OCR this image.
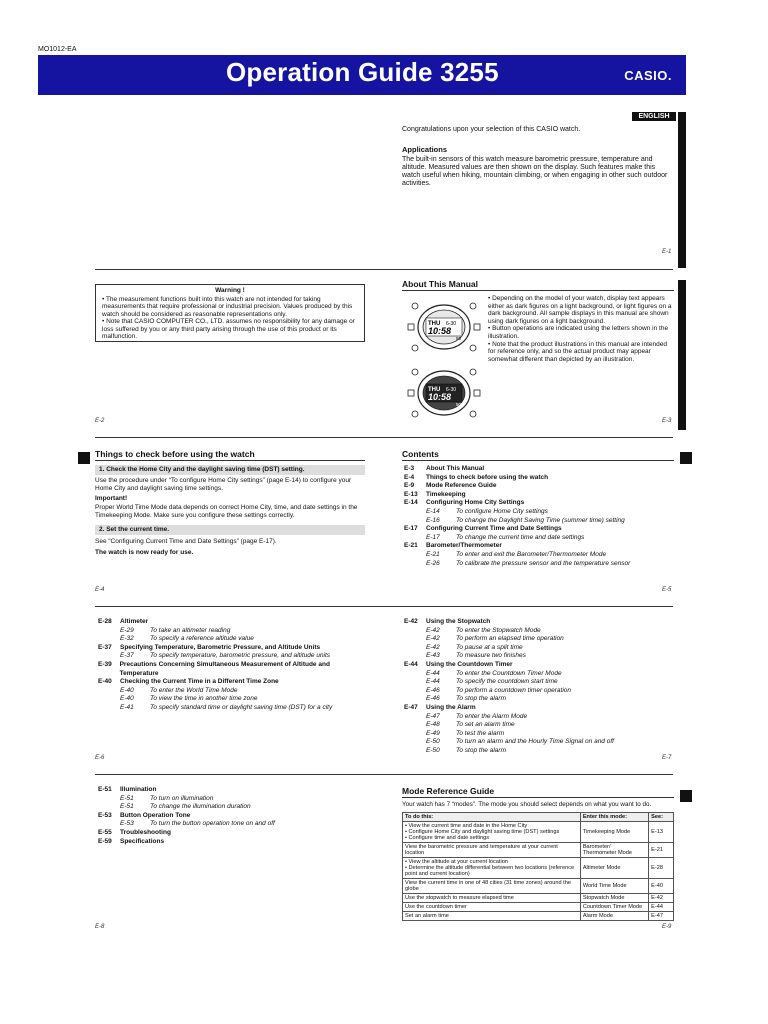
MO1012-EA
Operation Guide 3255	CASIO.
ENGLISH
Congratulations upon your selection of this CASIO watch.
Applications
The built-in sensors of this watch measure barometric pressure, temperature and altitude. Measured values are then shown on the display. Such features make this watch useful when hiking, mountain climbing, or when engaging in other such outdoor activities.
E-1
Warning !
• The measurement functions built into this watch are not intended for taking measurements that require professional or industrial precision. Values produced by this watch should be considered as reasonable representations only.
• Note that CASIO COMPUTER CO., LTD. assumes no responsibility for any damage or loss suffered by you or any third party arising through the use of this product or its malfunction.
E-2
About This Manual
THU 6-30
10:58
50
THU 6-30
10:58
50
• Depending on the model of your watch, display text appears either as dark figures on a light background, or light figures on a dark background. All sample displays in this manual are shown using dark figures on a light background.
• Button operations are indicated using the letters shown in the illustration.
• Note that the product illustrations in this manual are intended for reference only, and so the actual product may appear somewhat different than depicted by an illustration.
E-3
Things to check before using the watch
1. Check the Home City and the daylight saving time (DST) setting.
Use the procedure under “To configure Home City settings” (page E-14) to configure your Home City and daylight saving time settings.
Important!
Proper World Time Mode data depends on correct Home City, time, and date settings in the Timekeeping Mode. Make sure you configure these settings correctly.
2. Set the current time.
See “Configuring Current Time and Date Settings” (page E-17).
The watch is now ready for use.
E-4
Contents
E-3	About This Manual
E-4	Things to check before using the watch
E-9	Mode Reference Guide
E-13	Timekeeping
E-14	Configuring Home City Settings
E-14	To configure Home City settings
E-16	To change the Daylight Saving Time (summer time) setting
E-17	Configuring Current Time and Date Settings
E-17	To change the current time and date settings
E-21	Barometer/Thermometer
E-21	To enter and exit the Barometer/Thermometer Mode
E-26	To calibrate the pressure sensor and the temperature sensor
E-5
E-28	Altimeter
E-29	To take an altimeter reading
E-32	To specify a reference altitude value
E-37	Specifying Temperature, Barometric Pressure, and Altitude Units
E-37	To specify temperature, barometric pressure, and altitude units
E-39	Precautions Concerning Simultaneous Measurement of Altitude and Temperature
E-40	Checking the Current Time in a Different Time Zone
E-40	To enter the World Time Mode
E-40	To view the time in another time zone
E-41	To specify standard time or daylight saving time (DST) for a city
E-6
E-42	Using the Stopwatch
E-42	To enter the Stopwatch Mode
E-42	To perform an elapsed time operation
E-42	To pause at a split time
E-43	To measure two finishes
E-44	Using the Countdown Timer
E-44	To enter the Countdown Timer Mode
E-44	To specify the countdown start time
E-46	To perform a countdown timer operation
E-46	To stop the alarm
E-47	Using the Alarm
E-47	To enter the Alarm Mode
E-48	To set an alarm time
E-49	To test the alarm
E-50	To turn an alarm and the Hourly Time Signal on and off
E-50	To stop the alarm
E-7
E-51	Illumination
E-51	To turn on illumination
E-51	To change the illumination duration
E-53	Button Operation Tone
E-53	To turn the button operation tone on and off
E-55	Troubleshooting
E-59	Specifications
E-8
Mode Reference Guide
Your watch has 7 “modes”. The mode you should select depends on what you want to do.
To do this:	Enter this mode:	See:
• View the current time and date in the Home City
• Configure Home City and daylight saving time (DST) settings
• Configure time and date settings	Timekeeping Mode	E-13
View the barometric pressure and temperature at your current location	Barometer/
Thermometer Mode	E-21
• View the altitude at your current location
• Determine the altitude differential between two locations (reference point and current location)	Altimeter Mode	E-28
View the current time in one of 48 cities (31 time zones) around the globe	World Time Mode	E-40
Use the stopwatch to measure elapsed time	Stopwatch Mode	E-42
Use the countdown timer	Countdown Timer Mode	E-44
Set an alarm time	Alarm Mode	E-47
E-9
